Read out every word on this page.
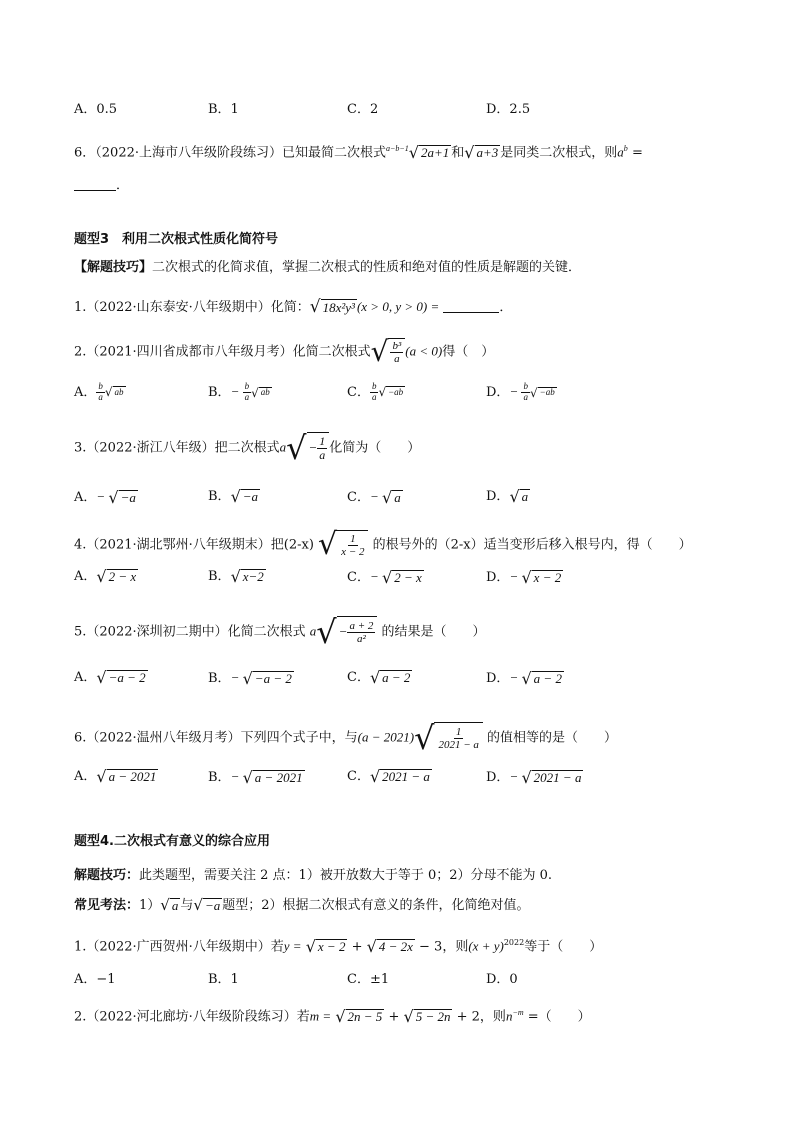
A．0.5	B．1	C．2	D．2.5
6．（2022·上海市八年级阶段练习）已知最简二次根式$^{a-b-1}$ √ 2a+1 和 √ a+3 是同类二次根式，则$a^b$ =
．
题型3　利用二次根式性质化简符号
【解题技巧】二次根式的化简求值，掌握二次根式的性质和绝对值的性质是解题的关键．
1.（2022·山东泰安·八年级期中）化简： √ 18x²y³ (x > 0, y > 0) =	．
2.（2021·四川省成都市八年级月考）化简二次根式 √ $\frac{\text{b³}}{a} (a < 0)$得（　）
A． $\frac{b}{a}$ √ ab	B．− $\frac{b}{a}$ √ ab	C． $\frac{b}{a}$ √ −ab	D．− $\frac{b}{a}$ √ −ab
3.（2022·浙江八年级）把二次根式a √ − $\frac{1}{a}$ 化简为（　　）
A．− √ −a	B． √ −a	C．− √ a	D． √ a
4.（2021·湖北鄂州·八年级期末）把(2-x) √ $\frac{1}{x - 2}$ 的根号外的（2-x）适当变形后移入根号内，得（　　）
A． √ 2 − x	B． √ x−2	C．− √ 2 − x	D．− √ x − 2
5.（2022·深圳初二期中）化简二次根式 a √ − $\frac{a + 2}{\text{a²}}$ 的结果是（　　）
A． √ −a − 2	B．− √ −a − 2	C． √ a − 2	D．− √ a − 2
6.（2022·温州八年级月考）下列四个式子中，与(a − 2021) √ $\frac{1}{2021 - a}$ 的值相等的是（　　）
A． √ a − 2021	B．− √ a − 2021	C． √ 2021 − a	D．− √ 2021 − a
题型4.二次根式有意义的综合应用
解题技巧：此类题型，需要关注 2 点：1）被开放数大于等于 0；2）分母不能为 0.
常见考法：1） √ a 与 √ −a 题型；2）根据二次根式有意义的条件，化简绝对值。
1.（2022·广西贺州·八年级期中）若y = √ x − 2 + √ 4 − 2x − 3，则$(x + y)^{2022}$等于（　　）
A．−1	B．1	C．±1	D．0
2.（2022·河北廊坊·八年级阶段练习）若m = √ 2n − 5 + √ 5 − 2n + 2，则$n^{-m}$ =（　　）
